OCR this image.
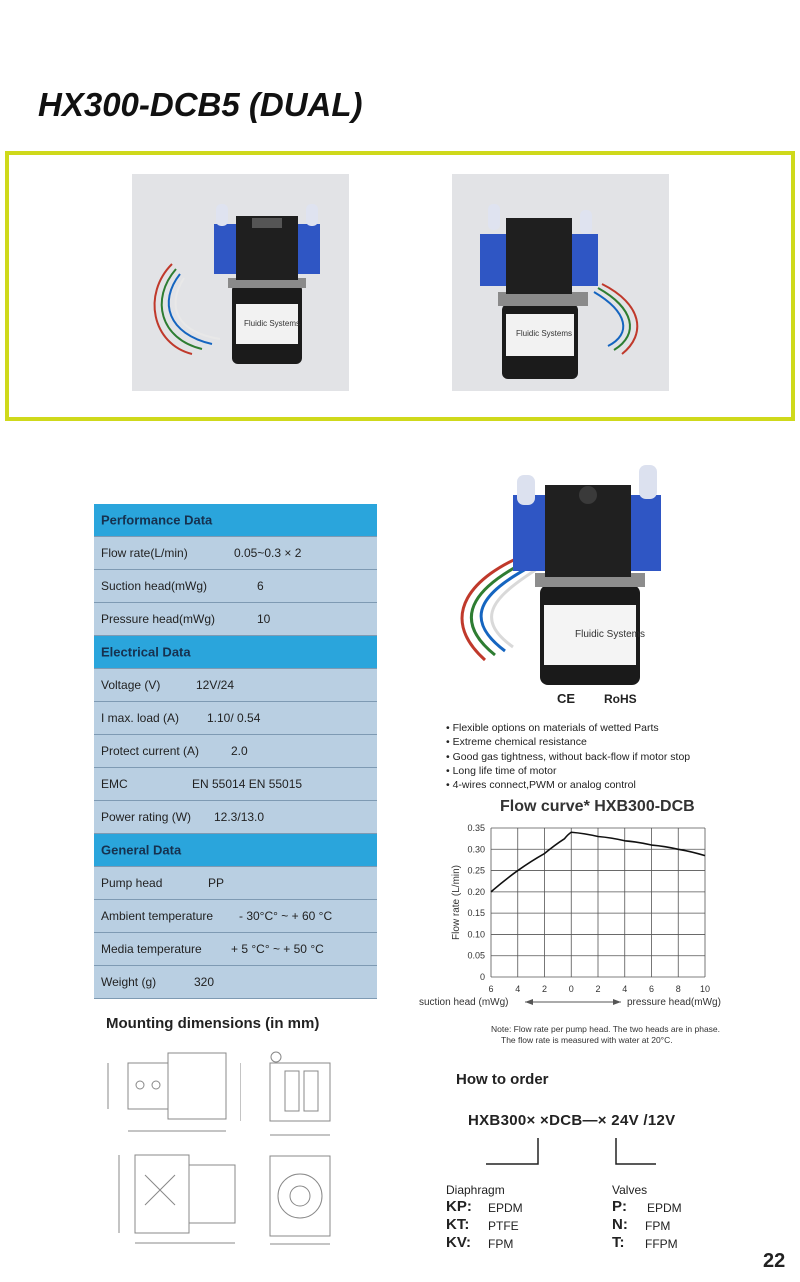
HX300-DCB5 (DUAL)
Fluidic Systems
Fluidic Systems
Performance Data
Flow rate(L/min)	0.05~0.3 × 2
Suction head(mWg)	6
Pressure head(mWg)	10
Electrical Data
Voltage (V)	12V/24
I max. load (A) 1.10/ 0.54
Protect current (A)	2.0
EMC	EN 55014 EN 55015
Power rating (W) 12.3/13.0
General Data
Pump head	PP
Ambient temperature - 30°C° ~ + 60 °C
Media temperature + 5 °C° ~ + 50 °C
Weight (g)	320
Mounting dimensions (in mm)
Fluidic Systems
CE RoHS
• Flexible options on materials of wetted Parts
• Extreme chemical resistance
• Good gas tightness, without back-flow if motor stop
• Long life time of motor
• 4-wires connect,PWM or analog control
Flow curve* HXB300-DCB
0
0.05
0.10
0.15
0.20
0.25
0.30
0.35
6 4 2 0 2 4 6 8 10
Flow rate (L/min)
suction head (mWg)	pressure head(mWg)
Note: Flow rate per pump head. The two heads are in phase.
The flow rate is measured with water at 20°C.
How to order
HXB300× ×DCB—× 24V /12V
Diaphragm
KP: EPDM
KT: PTFE
KV: FPM
Valves
P: EPDM
N: FPM
T: FFPM
22
